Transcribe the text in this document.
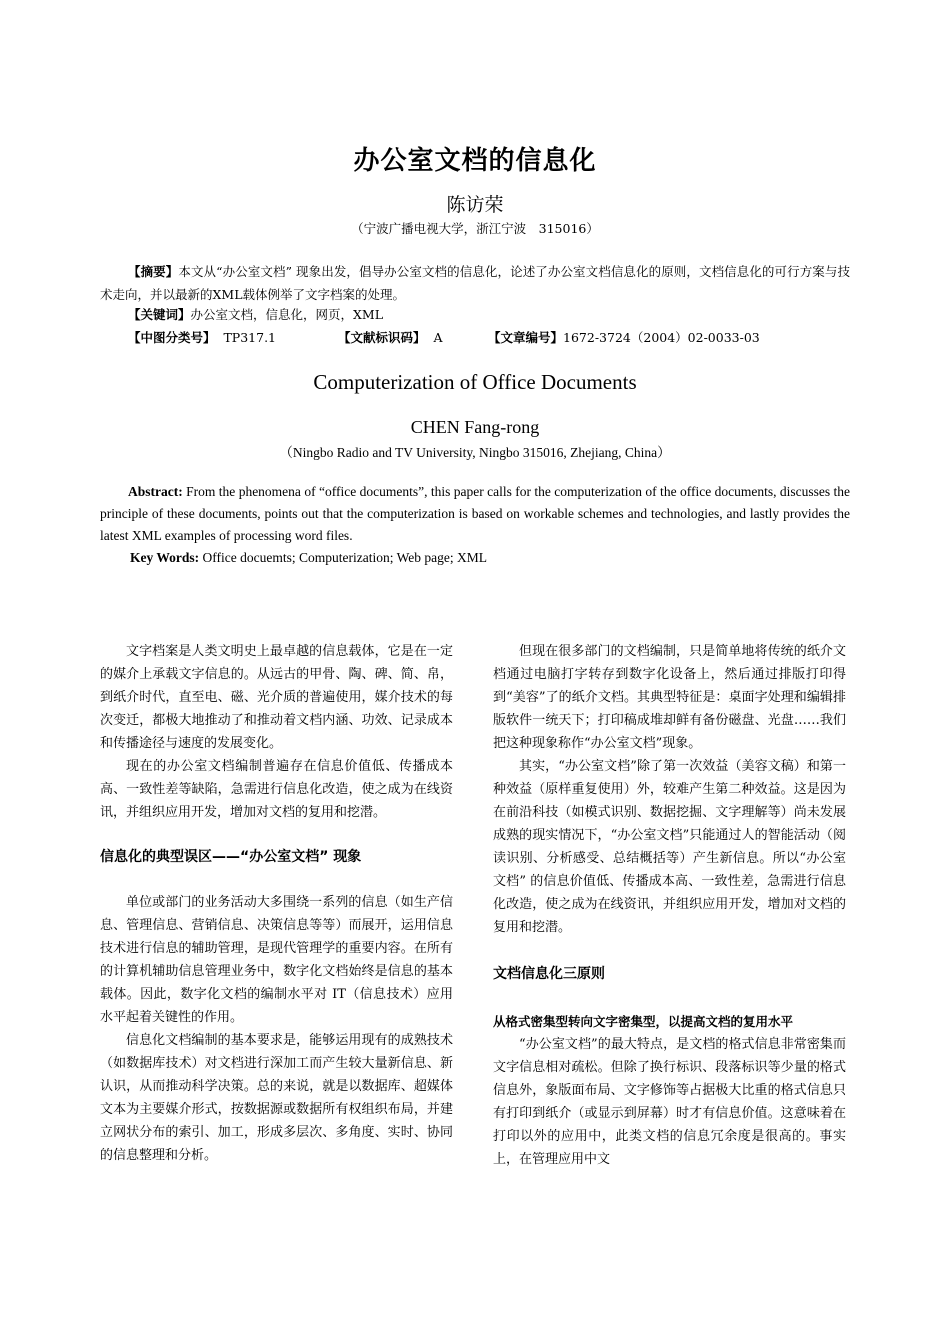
办公室文档的信息化
陈访荣
（宁波广播电视大学，浙江宁波　315016）
【摘要】本文从“办公室文档” 现象出发，倡导办公室文档的信息化，论述了办公室文档信息化的原则，文档信息化的可行方案与技术走向，并以最新的XML载体例举了文字档案的处理。
【关键词】办公室文档，信息化，网页，XML
【中图分类号】 TP317.1	【文献标识码】 A	【文章编号】1672-3724（2004）02-0033-03
Computerization of Office Documents
CHEN Fang-rong
（Ningbo Radio and TV University, Ningbo 315016, Zhejiang, China）
Abstract: From the phenomena of “office documents”, this paper calls for the computerization of the office documents, discusses the principle of these documents, points out that the computerization is based on workable schemes and technologies, and lastly provides the latest XML examples of processing word files.
Key Words: Office docuemts; Computerization; Web page; XML

文字档案是人类文明史上最卓越的信息载体，它是在一定的媒介上承载文字信息的。从远古的甲骨、陶、碑、简、帛，到纸介时代，直至电、磁、光介质的普遍使用，媒介技术的每次变迁，都极大地推动了和推动着文档内涵、功效、记录成本和传播途径与速度的发展变化。

现在的办公室文档编制普遍存在信息价值低、传播成本高、一致性差等缺陷，急需进行信息化改造，使之成为在线资讯，并组织应用开发，增加对文档的复用和挖潜。

信息化的典型误区——“办公室文档” 现象

单位或部门的业务活动大多围绕一系列的信息（如生产信息、管理信息、营销信息、决策信息等等）而展开，运用信息技术进行信息的辅助管理，是现代管理学的重要内容。在所有的计算机辅助信息管理业务中，数字化文档始终是信息的基本载体。因此，数字化文档的编制水平对 IT（信息技术）应用水平起着关键性的作用。

信息化文档编制的基本要求是，能够运用现有的成熟技术（如数据库技术）对文档进行深加工而产生较大量新信息、新认识，从而推动科学决策。总的来说，就是以数据库、超媒体文本为主要媒介形式，按数据源或数据所有权组织布局，并建立网状分布的索引、加工，形成多层次、多角度、实时、协同的信息整理和分析。

但现在很多部门的文档编制，只是简单地将传统的纸介文档通过电脑打字转存到数字化设备上，然后通过排版打印得到“美容”了的纸介文档。其典型特征是：桌面字处理和编辑排版软件一统天下；打印稿成堆却鲜有备份磁盘、光盘……我们把这种现象称作“办公室文档”现象。

其实，“办公室文档”除了第一次效益（美容文稿）和第一种效益（原样重复使用）外，较难产生第二种效益。这是因为在前沿科技（如模式识别、数据挖掘、文字理解等）尚未发展成熟的现实情况下，“办公室文档”只能通过人的智能活动（阅读识别、分析感受、总结概括等）产生新信息。所以“办公室文档” 的信息价值低、传播成本高、一致性差，急需进行信息化改造，使之成为在线资讯，并组织应用开发，增加对文档的复用和挖潜。

文档信息化三原则

从格式密集型转向文字密集型，以提高文档的复用水平

“办公室文档”的最大特点，是文档的格式信息非常密集而文字信息相对疏松。但除了换行标识、段落标识等少量的格式信息外，象版面布局、文字修饰等占据极大比重的格式信息只有打印到纸介（或显示到屏幕）时才有信息价值。这意味着在打印以外的应用中，此类文档的信息冗余度是很高的。事实上，在管理应用中文
